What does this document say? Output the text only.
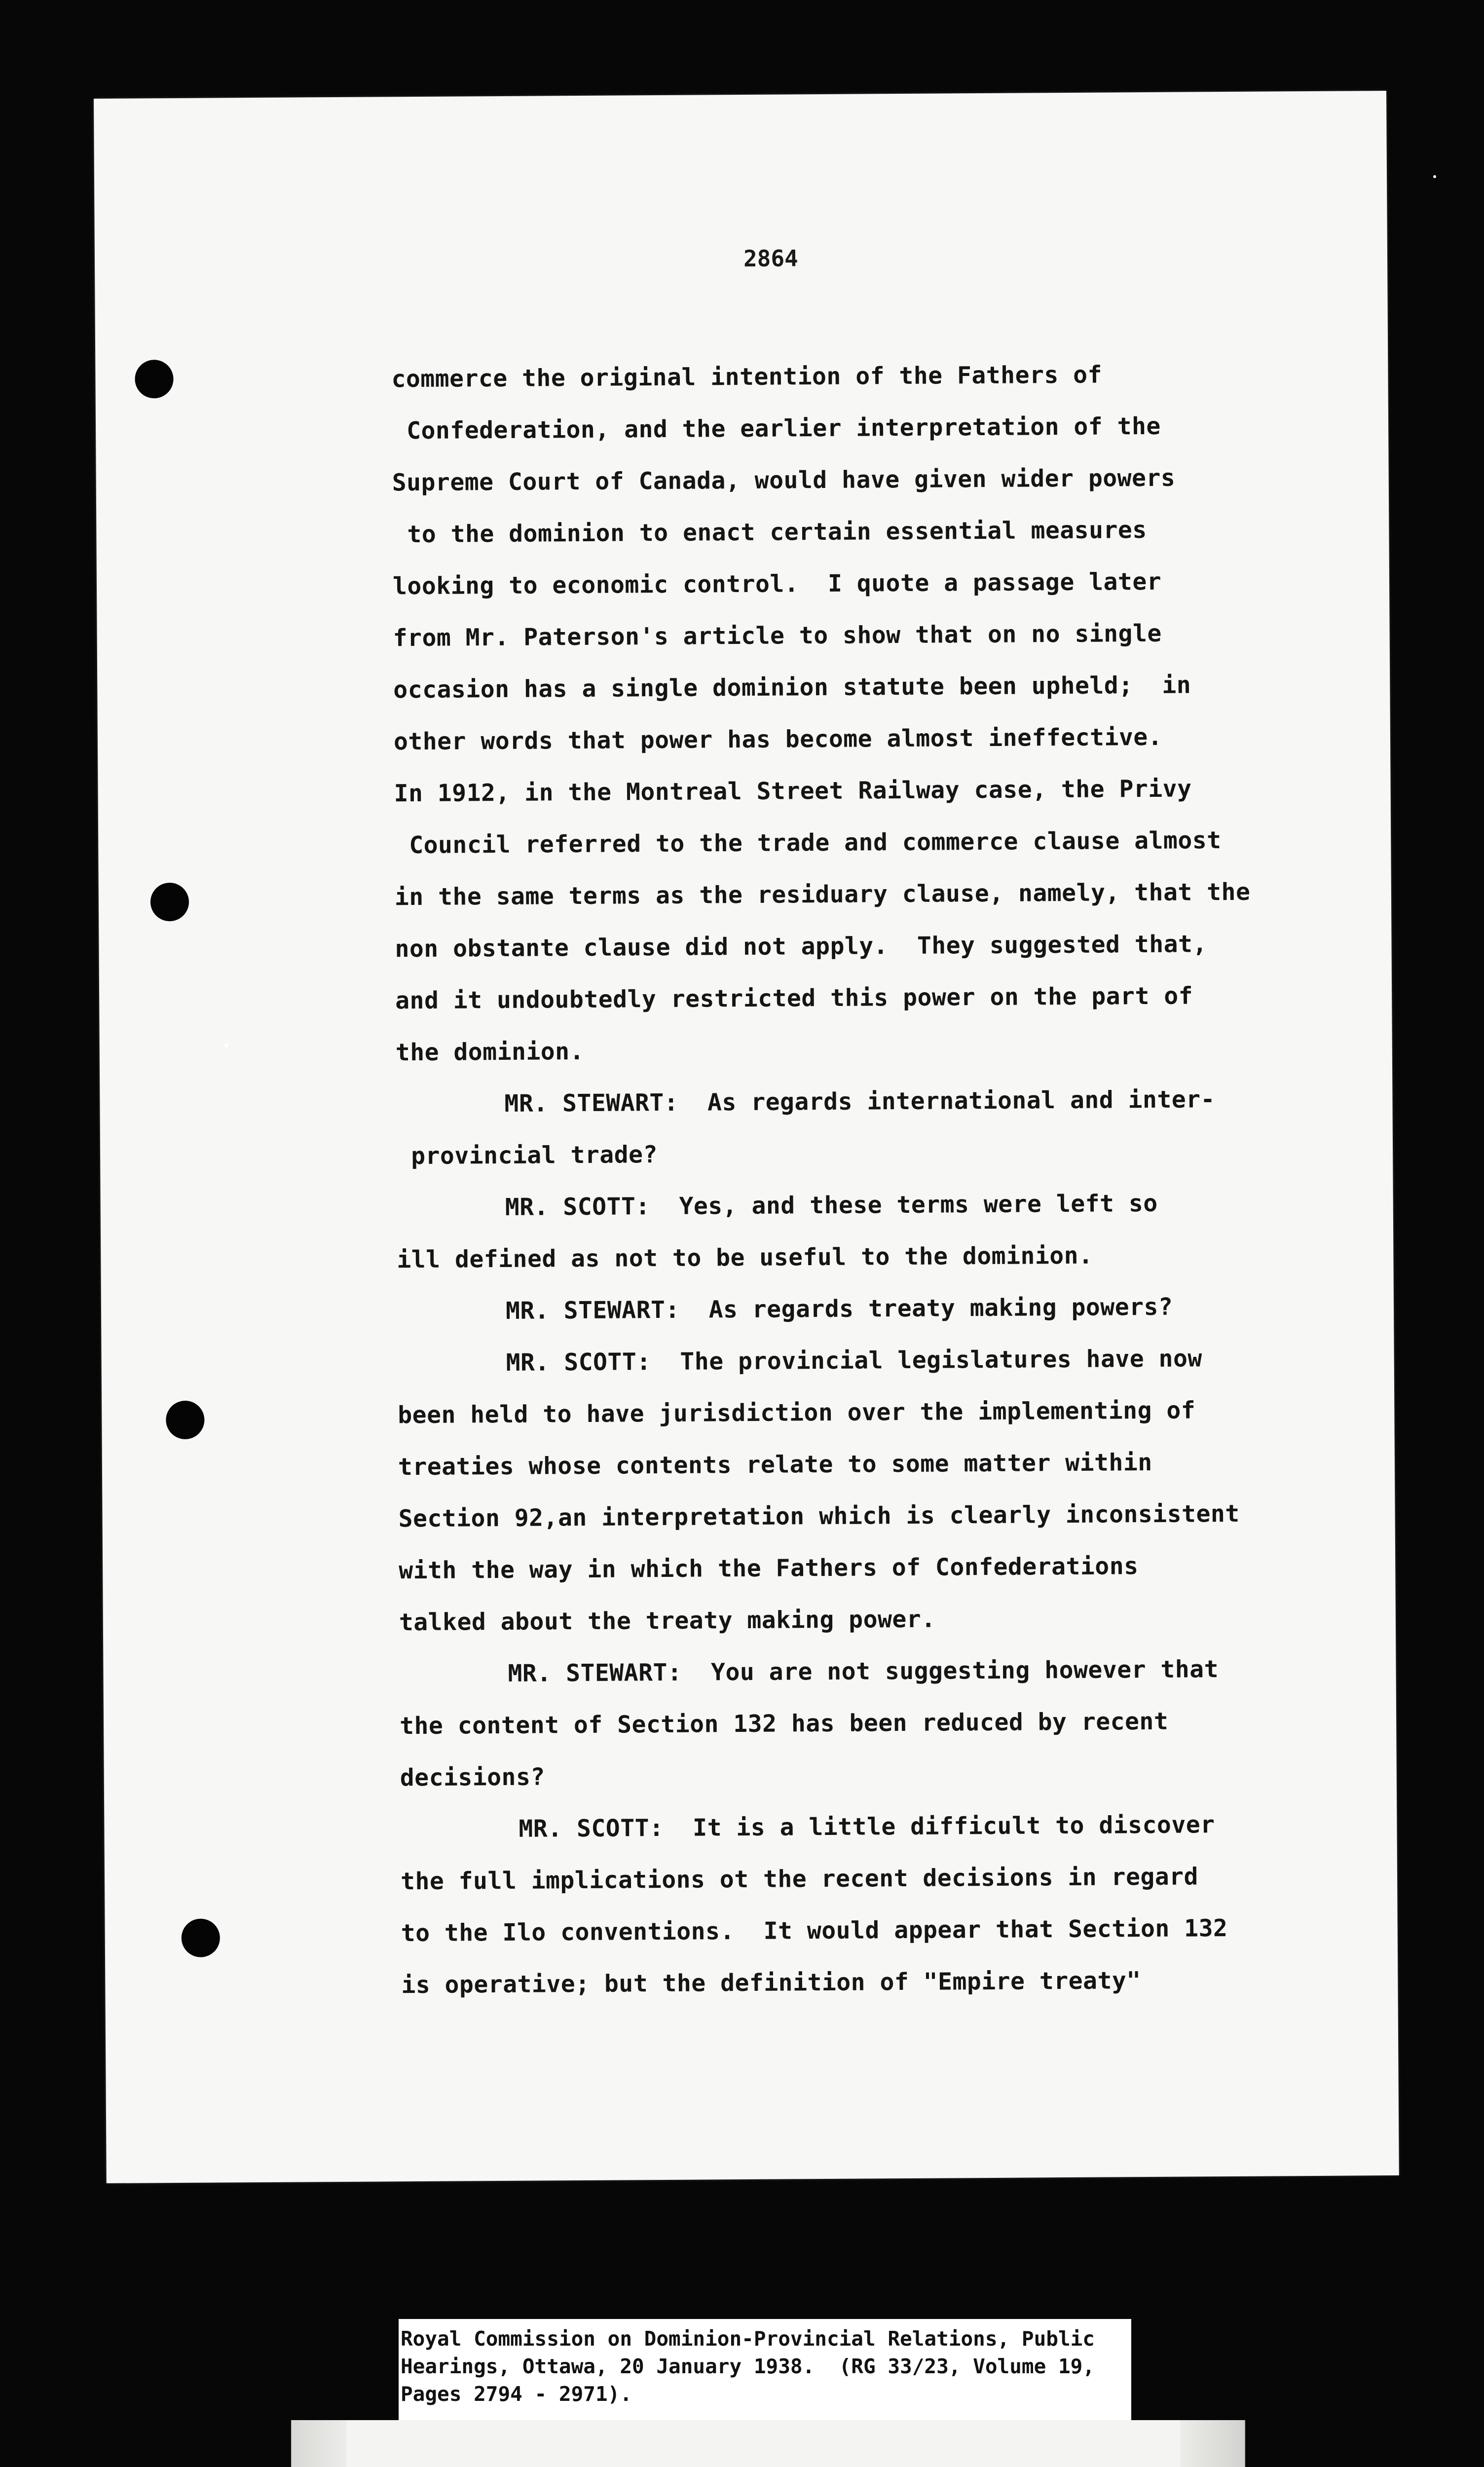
2864
commerce the original intention of the Fathers of
Confederation, and the earlier interpretation of the
Supreme Court of Canada, would have given wider powers
to the dominion to enact certain essential measures
looking to economic control.  I quote a passage later
from Mr. Paterson's article to show that on no single
occasion has a single dominion statute been upheld;  in
other words that power has become almost ineffective.
In 1912, in the Montreal Street Railway case, the Privy
Council referred to the trade and commerce clause almost
in the same terms as the residuary clause, namely, that the
non obstante clause did not apply.  They suggested that,
and it undoubtedly restricted this power on the part of
the dominion.
MR. STEWART:  As regards international and inter-
provincial trade?
MR. SCOTT:  Yes, and these terms were left so
ill defined as not to be useful to the dominion.
MR. STEWART:  As regards treaty making powers?
MR. SCOTT:  The provincial legislatures have now
been held to have jurisdiction over the implementing of
treaties whose contents relate to some matter within
Section 92,an interpretation which is clearly inconsistent
with the way in which the Fathers of Confederations
talked about the treaty making power.
MR. STEWART:  You are not suggesting however that
the content of Section 132 has been reduced by recent
decisions?
MR. SCOTT:  It is a little difficult to discover
the full implications ot the recent decisions in regard
to the Ilo conventions.  It would appear that Section 132
is operative; but the definition of "Empire treaty"
Royal Commission on Dominion-Provincial Relations, Public
Hearings, Ottawa, 20 January 1938.  (RG 33/23, Volume 19,
Pages 2794 - 2971).
